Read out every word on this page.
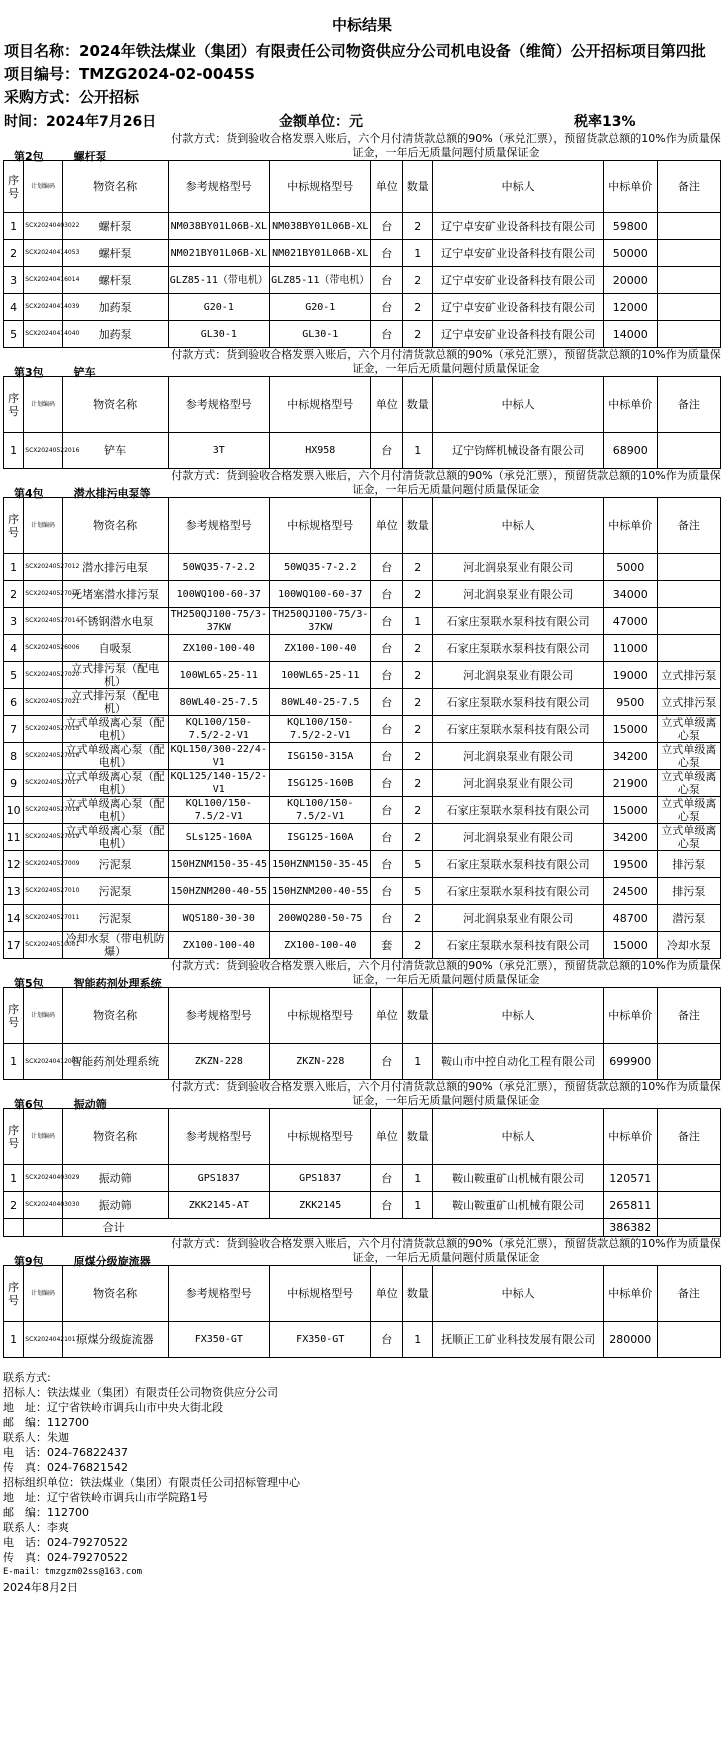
中标结果
项目名称：2024年铁法煤业（集团）有限责任公司物资供应分公司机电设备（维简）公开招标项目第四批
项目编号：TMZG2024-02-0045S
采购方式：公开招标
时间：2024年7月26日	金额单位：元	税率13%
付款方式：货到验收合格发票入账后，六个月付清货款总额的90%（承兑汇票），预留货款总额的10%作为质量保证金，一年后无质量问题付质量保证金
第2包	螺杆泵
序号	计划编码	物资名称	参考规格型号	中标规格型号	单位	数量	中标人	中标单价	备注
1	SCX20240403022	螺杆泵	NM038BY01L06B-XL	NM038BY01L06B-XL	台	2	辽宁卓安矿业设备科技有限公司	59800	
2	SCX20240414053	螺杆泵	NM021BY01L06B-XL	NM021BY01L06B-XL	台	1	辽宁卓安矿业设备科技有限公司	50000	
3	SCX20240416014	螺杆泵	GLZ85-11（带电机）	GLZ85-11（带电机）	台	2	辽宁卓安矿业设备科技有限公司	20000	
4	SCX20240414039	加药泵	G20-1	G20-1	台	2	辽宁卓安矿业设备科技有限公司	12000	
5	SCX20240414040	加药泵	GL30-1	GL30-1	台	2	辽宁卓安矿业设备科技有限公司	14000	
付款方式：货到验收合格发票入账后，六个月付清货款总额的90%（承兑汇票），预留货款总额的10%作为质量保证金，一年后无质量问题付质量保证金
第3包	铲车
序号	计划编码	物资名称	参考规格型号	中标规格型号	单位	数量	中标人	中标单价	备注
1	SCX20240522016	铲车	3T	HX958	台	1	辽宁钧辉机械设备有限公司	68900	
付款方式：货到验收合格发票入账后，六个月付清货款总额的90%（承兑汇票），预留货款总额的10%作为质量保证金，一年后无质量问题付质量保证金
第4包	潜水排污电泵等
序号	计划编码	物资名称	参考规格型号	中标规格型号	单位	数量	中标人	中标单价	备注
1	SCX20240527012	潜水排污电泵	50WQ35-7-2.2	50WQ35-7-2.2	台	2	河北润泉泵业有限公司	5000	
2	SCX20240527013	无堵塞潜水排污泵	100WQ100-60-37	100WQ100-60-37	台	2	河北润泉泵业有限公司	34000	
3	SCX20240527014	不锈钢潜水电泵	TH250QJ100-75/3-37KW	TH250QJ100-75/3-37KW	台	1	石家庄泵联水泵科技有限公司	47000	
4	SCX20240526006	自吸泵	ZX100-100-40	ZX100-100-40	台	2	石家庄泵联水泵科技有限公司	11000	
5	SCX20240527020	立式排污泵（配电机）	100WL65-25-11	100WL65-25-11	台	2	河北润泉泵业有限公司	19000	立式排污泵
6	SCX20240527021	立式排污泵（配电机）	80WL40-25-7.5	80WL40-25-7.5	台	2	石家庄泵联水泵科技有限公司	9500	立式排污泵
7	SCX20240527015	立式单级离心泵（配电机）	KQL100/150-7.5/2-2-V1	KQL100/150-7.5/2-2-V1	台	2	石家庄泵联水泵科技有限公司	15000	立式单级离心泵
8	SCX20240527016	立式单级离心泵（配电机）	KQL150/300-22/4-V1	ISG150-315A	台	2	河北润泉泵业有限公司	34200	立式单级离心泵
9	SCX20240527017	立式单级离心泵（配电机）	KQL125/140-15/2-V1	ISG125-160B	台	2	河北润泉泵业有限公司	21900	立式单级离心泵
10	SCX20240527018	立式单级离心泵（配电机）	KQL100/150-7.5/2-V1	KQL100/150-7.5/2-V1	台	2	石家庄泵联水泵科技有限公司	15000	立式单级离心泵
11	SCX20240527019	立式单级离心泵（配电机）	SLs125-160A	ISG125-160A	台	2	河北润泉泵业有限公司	34200	立式单级离心泵
12	SCX20240527009	污泥泵	150HZNM150-35-45	150HZNM150-35-45	台	5	石家庄泵联水泵科技有限公司	19500	排污泵
13	SCX20240527010	污泥泵	150HZNM200-40-55	150HZNM200-40-55	台	5	石家庄泵联水泵科技有限公司	24500	排污泵
14	SCX20240527011	污泥泵	WQS180-30-30	200WQ280-50-75	台	2	河北润泉泵业有限公司	48700	潜污泵
17	SCX20240510001	冷却水泵（带电机防爆）	ZX100-100-40	ZX100-100-40	套	2	石家庄泵联水泵科技有限公司	15000	冷却水泵
付款方式：货到验收合格发票入账后，六个月付清货款总额的90%（承兑汇票），预留货款总额的10%作为质量保证金，一年后无质量问题付质量保证金
第5包	智能药剂处理系统
序号	计划编码	物资名称	参考规格型号	中标规格型号	单位	数量	中标人	中标单价	备注
1	SCX20240412001	智能药剂处理系统	ZKZN-228	ZKZN-228	台	1	鞍山市中控自动化工程有限公司	699900	
付款方式：货到验收合格发票入账后，六个月付清货款总额的90%（承兑汇票），预留货款总额的10%作为质量保证金，一年后无质量问题付质量保证金
第6包	振动筛
序号	计划编码	物资名称	参考规格型号	中标规格型号	单位	数量	中标人	中标单价	备注
1	SCX20240403029	振动筛	GPS1837	GPS1837	台	1	鞍山鞍重矿山机械有限公司	120571	
2	SCX20240403030	振动筛	ZKK2145-AT	ZKK2145	台	1	鞍山鞍重矿山机械有限公司	265811	
		合计						386382	
付款方式：货到验收合格发票入账后，六个月付清货款总额的90%（承兑汇票），预留货款总额的10%作为质量保证金，一年后无质量问题付质量保证金
第9包	原煤分级旋流器
序号	计划编码	物资名称	参考规格型号	中标规格型号	单位	数量	中标人	中标单价	备注
1	SCX20240421017	原煤分级旋流器	FX350-GT	FX350-GT	台	1	抚顺正工矿业科技发展有限公司	280000	
联系方式:
招标人：铁法煤业（集团）有限责任公司物资供应分公司
地　址：辽宁省铁岭市调兵山市中央大街北段
邮　编：112700
联系人：朱迦
电　话：024-76822437
传　真：024-76821542
招标组织单位：铁法煤业（集团）有限责任公司招标管理中心
地　址：辽宁省铁岭市调兵山市学院路1号
邮　编：112700
联系人：李爽
电　话：024-79270522
传　真：024-79270522
E-mail：tmzgzm02ss@163.com
2024年8月2日
